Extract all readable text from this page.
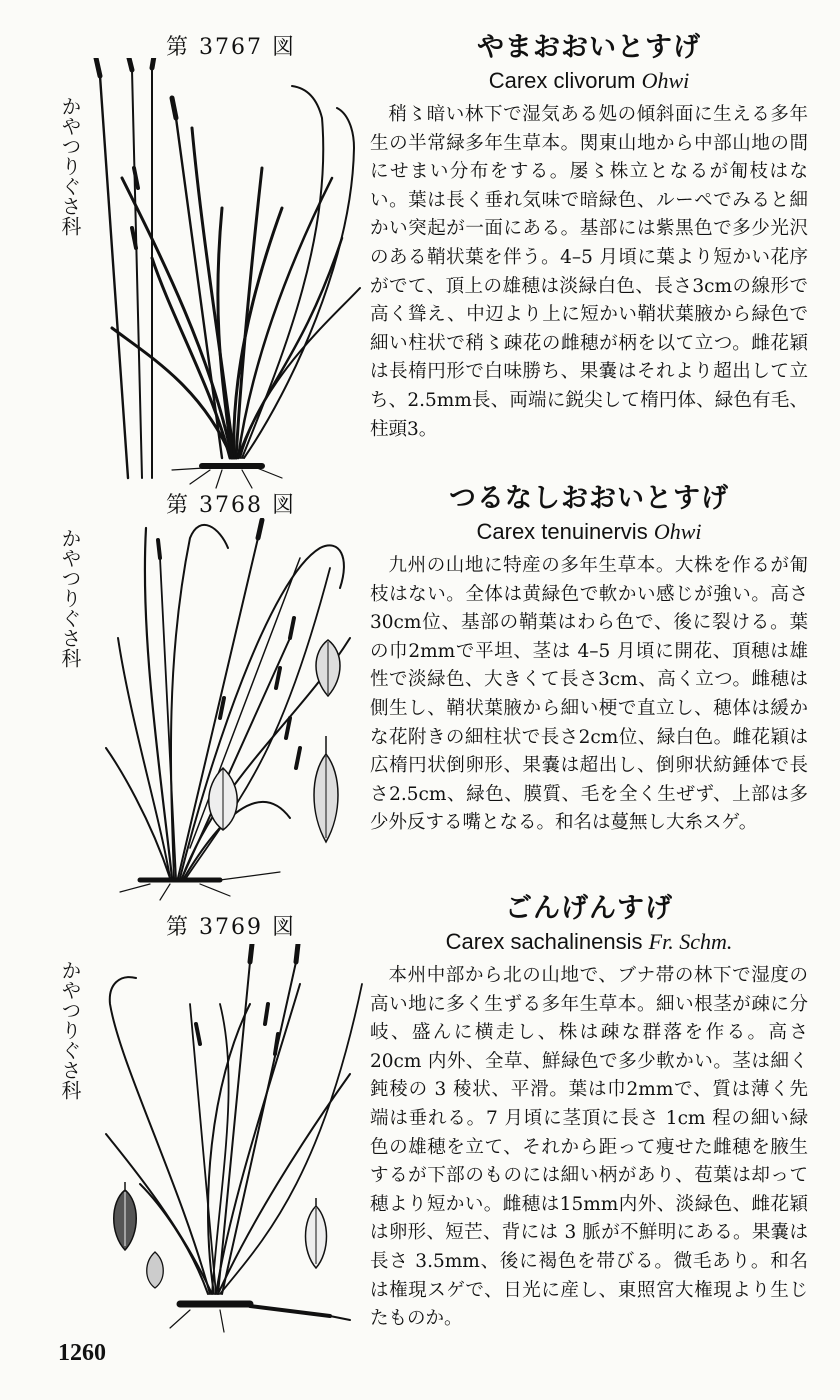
第 3767 図
かやつりぐさ科
やまおおいとすげ

Carex clivorum Ohwi

稍〻暗い林下で湿気ある処の傾斜面に生える多年生の半常緑多年生草本。関東山地から中部山地の間にせまい分布をする。屡〻株立となるが匍枝はない。葉は長く垂れ気味で暗緑色、ルーペでみると細かい突起が一面にある。基部には紫黒色で多少光沢のある鞘状葉を伴う。4–5 月頃に葉より短かい花序がでて、頂上の雄穂は淡緑白色、長さ3cmの線形で高く聳え、中辺より上に短かい鞘状葉腋から緑色で細い柱状で稍〻疎花の雌穂が柄を以て立つ。雌花穎は長楕円形で白味勝ち、果嚢はそれより超出して立ち、2.5mm長、両端に鋭尖して楕円体、緑色有毛、柱頭3。

第 3768 図
かやつりぐさ科
つるなしおおいとすげ

Carex tenuinervis Ohwi

九州の山地に特産の多年生草本。大株を作るが匍枝はない。全体は黄緑色で軟かい感じが強い。高さ30cm位、基部の鞘葉はわら色で、後に裂ける。葉の巾2mmで平坦、茎は 4–5 月頃に開花、頂穂は雄性で淡緑色、大きくて長さ3cm、高く立つ。雌穂は側生し、鞘状葉腋から細い梗で直立し、穂体は緩かな花附きの細柱状で長さ2cm位、緑白色。雌花穎は広楕円状倒卵形、果嚢は超出し、倒卵状紡錘体で長さ2.5cm、緑色、膜質、毛を全く生ぜず、上部は多少外反する嘴となる。和名は蔓無し大糸スゲ。

第 3769 図
かやつりぐさ科
ごんげんすげ

Carex sachalinensis Fr. Schm.

本州中部から北の山地で、ブナ帯の林下で湿度の高い地に多く生ずる多年生草本。細い根茎が疎に分岐、盛んに横走し、株は疎な群落を作る。高さ 20cm 内外、全草、鮮緑色で多少軟かい。茎は細く鈍稜の 3 稜状、平滑。葉は巾2mmで、質は薄く先端は垂れる。7 月頃に茎頂に長さ 1cm 程の細い緑色の雄穂を立て、それから距って痩せた雌穂を腋生するが下部のものには細い柄があり、苞葉は却って穂より短かい。雌穂は15mm内外、淡緑色、雌花穎は卵形、短芒、背には 3 脈が不鮮明にある。果嚢は長さ 3.5mm、後に褐色を帯びる。微毛あり。和名は権現スゲで、日光に産し、東照宮大権現より生じたものか。

1260
